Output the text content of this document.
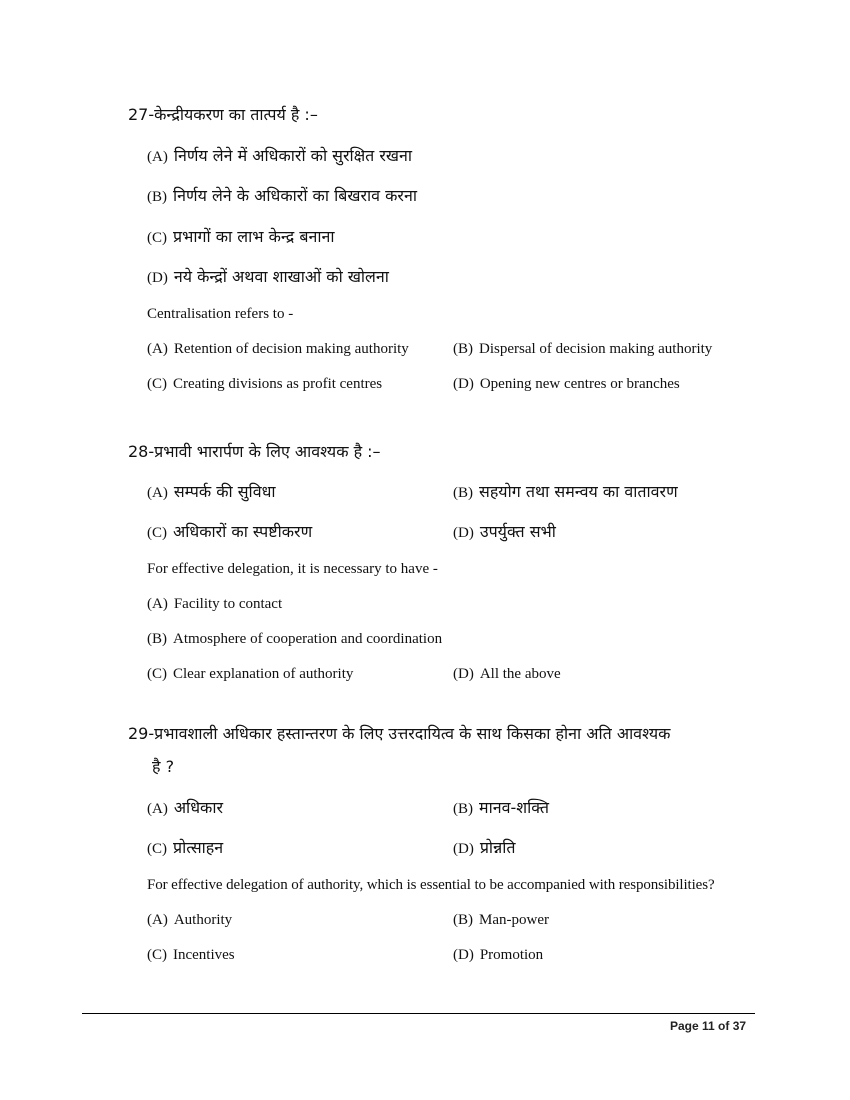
27-केन्द्रीयकरण का तात्पर्य है :–
(A) निर्णय लेने में अधिकारों को सुरक्षित रखना
(B) निर्णय लेने के अधिकारों का बिखराव करना
(C) प्रभागों का लाभ केन्द्र बनाना
(D) नये केन्द्रों अथवा शाखाओं को खोलना
Centralisation refers to -
(A) Retention of decision making authority	(B) Dispersal of decision making authority
(C) Creating divisions as profit centres	(D) Opening new centres or branches
28-प्रभावी भारार्पण के लिए आवश्यक है :–
(A) सम्पर्क की सुविधा	(B) सहयोग तथा समन्वय का वातावरण
(C) अधिकारों का स्पष्टीकरण	(D) उपर्युक्त सभी
For effective delegation, it is necessary to have -
(A) Facility to contact
(B) Atmosphere of cooperation and coordination
(C) Clear explanation of authority	(D) All the above
29-प्रभावशाली अधिकार हस्तान्तरण के लिए उत्तरदायित्व के साथ किसका होना अति आवश्यक
है ?
(A) अधिकार	(B) मानव-शक्ति
(C) प्रोत्साहन	(D) प्रोन्नति
For effective delegation of authority, which is essential to be accompanied with responsibilities?
(A) Authority	(B) Man-power
(C) Incentives	(D) Promotion
Page 11 of 37
